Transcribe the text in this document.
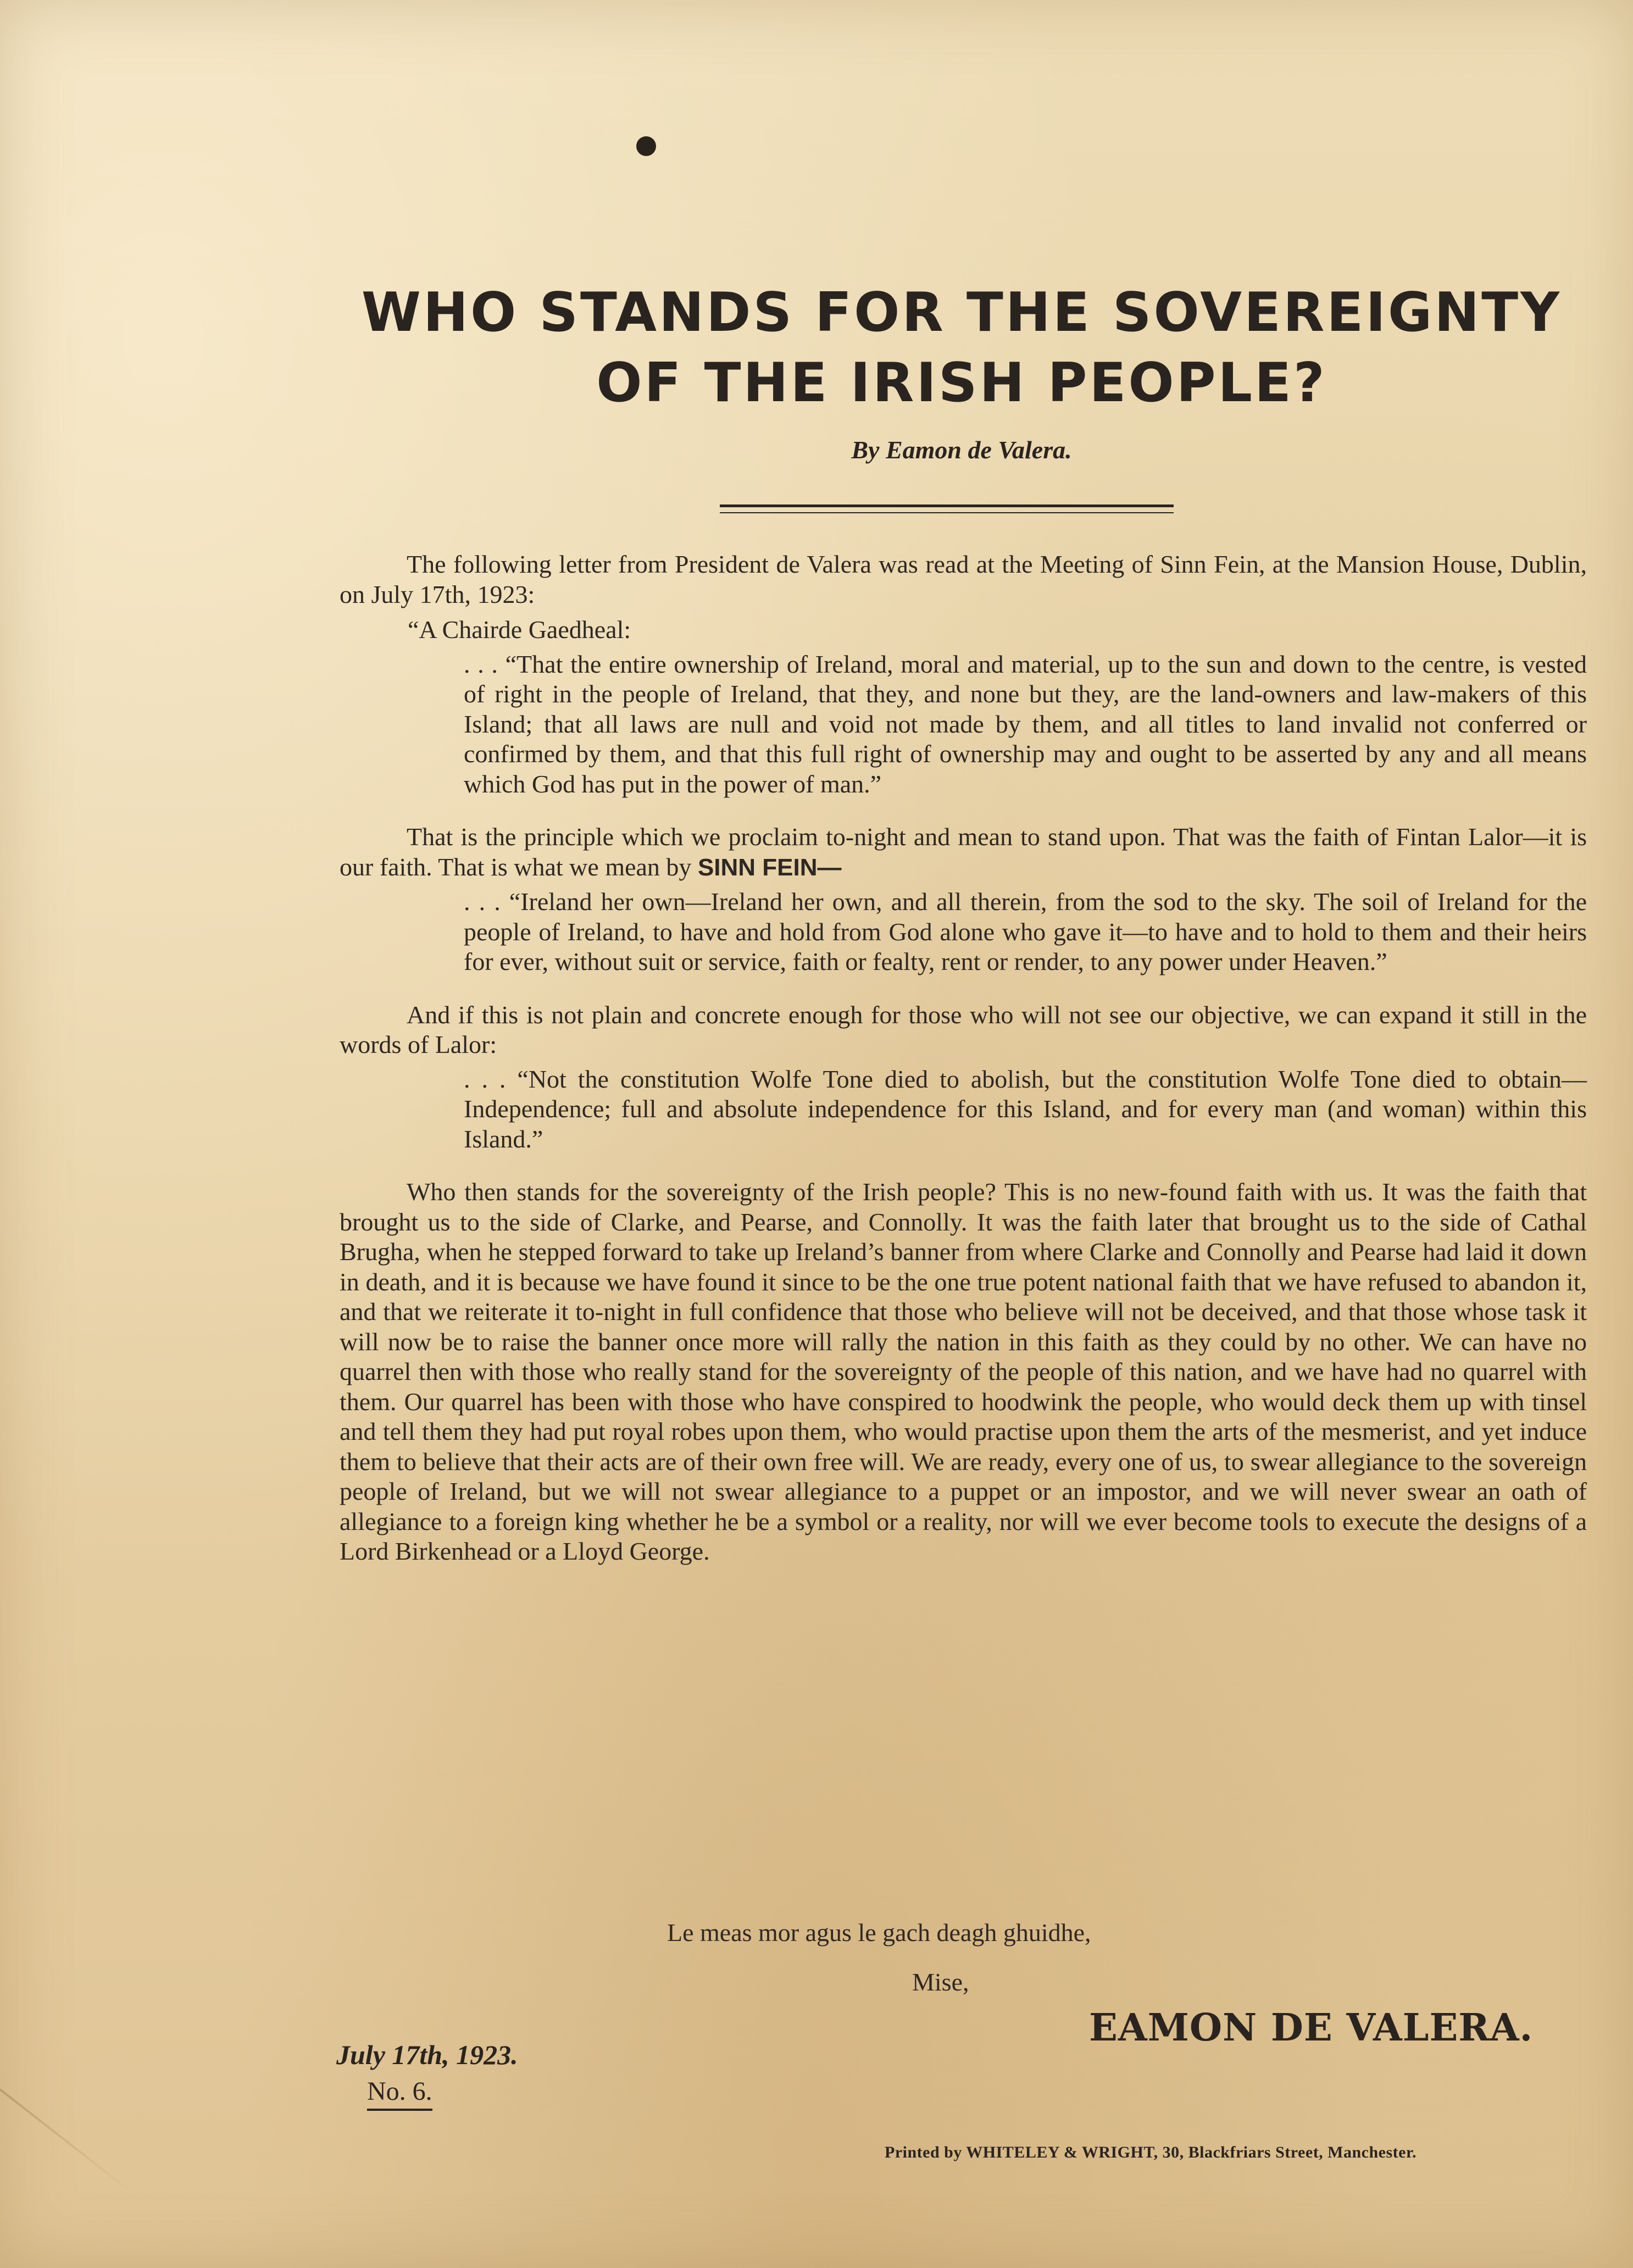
WHO STANDS FOR THE SOVEREIGNTY
OF THE IRISH PEOPLE?
By Eamon de Valera.

The following letter from President de Valera was read at the Meeting of Sinn Fein, at the Mansion House, Dublin, on July 17th, 1923:

“A Chairde Gaedheal:

. . . “That the entire ownership of Ireland, moral and material, up to the sun and down to the centre, is vested of right in the people of Ireland, that they, and none but they, are the land-owners and law-makers of this Island; that all laws are null and void not made by them, and all titles to land invalid not conferred or confirmed by them, and that this full right of ownership may and ought to be asserted by any and all means which God has put in the power of man.”

That is the principle which we proclaim to-night and mean to stand upon. That was the faith of Fintan Lalor—it is our faith. That is what we mean by SINN FEIN—

. . . “Ireland her own—Ireland her own, and all therein, from the sod to the sky. The soil of Ireland for the people of Ireland, to have and hold from God alone who gave it—to have and to hold to them and their heirs for ever, without suit or service, faith or fealty, rent or render, to any power under Heaven.”

And if this is not plain and concrete enough for those who will not see our objective, we can expand it still in the words of Lalor:

. . . “Not the constitution Wolfe Tone died to abolish, but the constitution Wolfe Tone died to obtain—Independence; full and absolute independence for this Island, and for every man (and woman) within this Island.”

Who then stands for the sovereignty of the Irish people? This is no new-found faith with us. It was the faith that brought us to the side of Clarke, and Pearse, and Connolly. It was the faith later that brought us to the side of Cathal Brugha, when he stepped forward to take up Ireland’s banner from where Clarke and Connolly and Pearse had laid it down in death, and it is because we have found it since to be the one true potent national faith that we have refused to abandon it, and that we reiterate it to-night in full confidence that those who believe will not be deceived, and that those whose task it will now be to raise the banner once more will rally the nation in this faith as they could by no other. We can have no quarrel then with those who really stand for the sovereignty of the people of this nation, and we have had no quarrel with them. Our quarrel has been with those who have conspired to hoodwink the people, who would deck them up with tinsel and tell them they had put royal robes upon them, who would practise upon them the arts of the mesmerist, and yet induce them to believe that their acts are of their own free will. We are ready, every one of us, to swear allegiance to the sovereign people of Ireland, but we will not swear allegiance to a puppet or an impostor, and we will never swear an oath of allegiance to a foreign king whether he be a symbol or a reality, nor will we ever become tools to execute the designs of a Lord Birkenhead or a Lloyd George.

Le meas mor agus le gach deagh ghuidhe,
Mise,
EAMON DE VALERA.
July 17th, 1923.
No. 6.
Printed by WHITELEY & WRIGHT, 30, Blackfriars Street, Manchester.
